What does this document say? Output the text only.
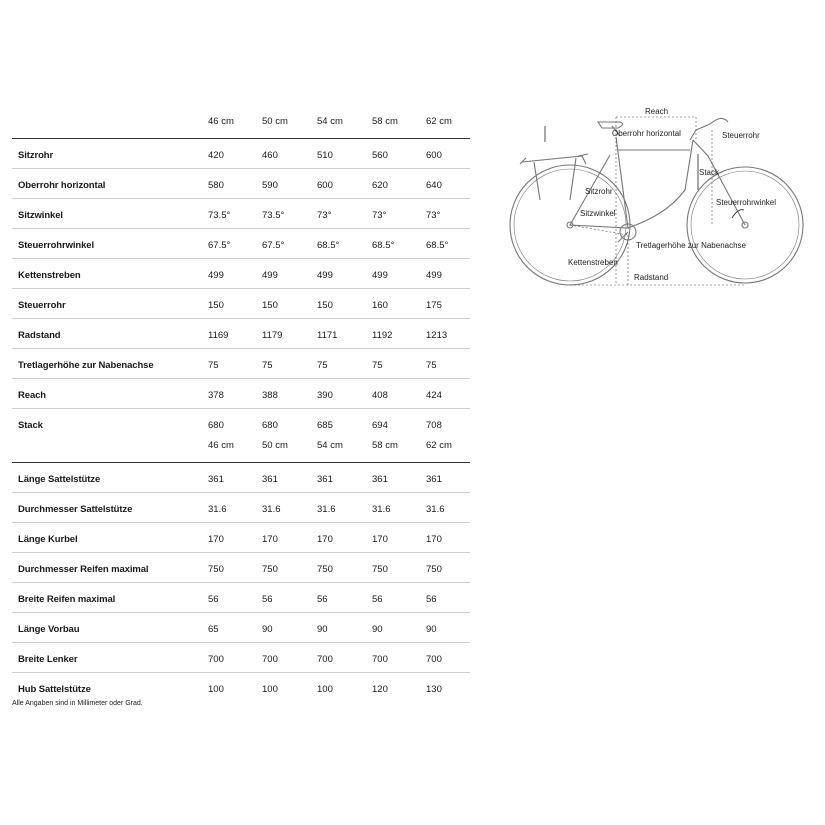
46 cm	50 cm	54 cm	58 cm	62 cm
Sitzrohr	420	460	510	560	600
Oberrohr horizontal	580	590	600	620	640
Sitzwinkel	73.5°	73.5°	73°	73°	73°
Steuerrohrwinkel	67.5°	67.5°	68.5°	68.5°	68.5°
Kettenstreben	499	499	499	499	499
Steuerrohr	150	150	150	160	175
Radstand	1169	1179	1171	1192	1213
Tretlagerhöhe zur Nabenachse	75	75	75	75	75
Reach	378	388	390	408	424
Stack	680	680	685	694	708
46 cm	50 cm	54 cm	58 cm	62 cm
Länge Sattelstütze	361	361	361	361	361
Durchmesser Sattelstütze	31.6	31.6	31.6	31.6	31.6
Länge Kurbel	170	170	170	170	170
Durchmesser Reifen maximal	750	750	750	750	750
Breite Reifen maximal	56	56	56	56	56
Länge Vorbau	65	90	90	90	90
Breite Lenker	700	700	700	700	700
Hub Sattelstütze	100	100	100	120	130
Alle Angaben sind in Millimeter oder Grad.
Reach
Oberrohr horizontal	Steuerrohr
Stack
Sitzrohr
Steuerrohrwinkel
Sitzwinkel
Tretlagerhöhe zur Nabenachse
Kettenstreben
Radstand
